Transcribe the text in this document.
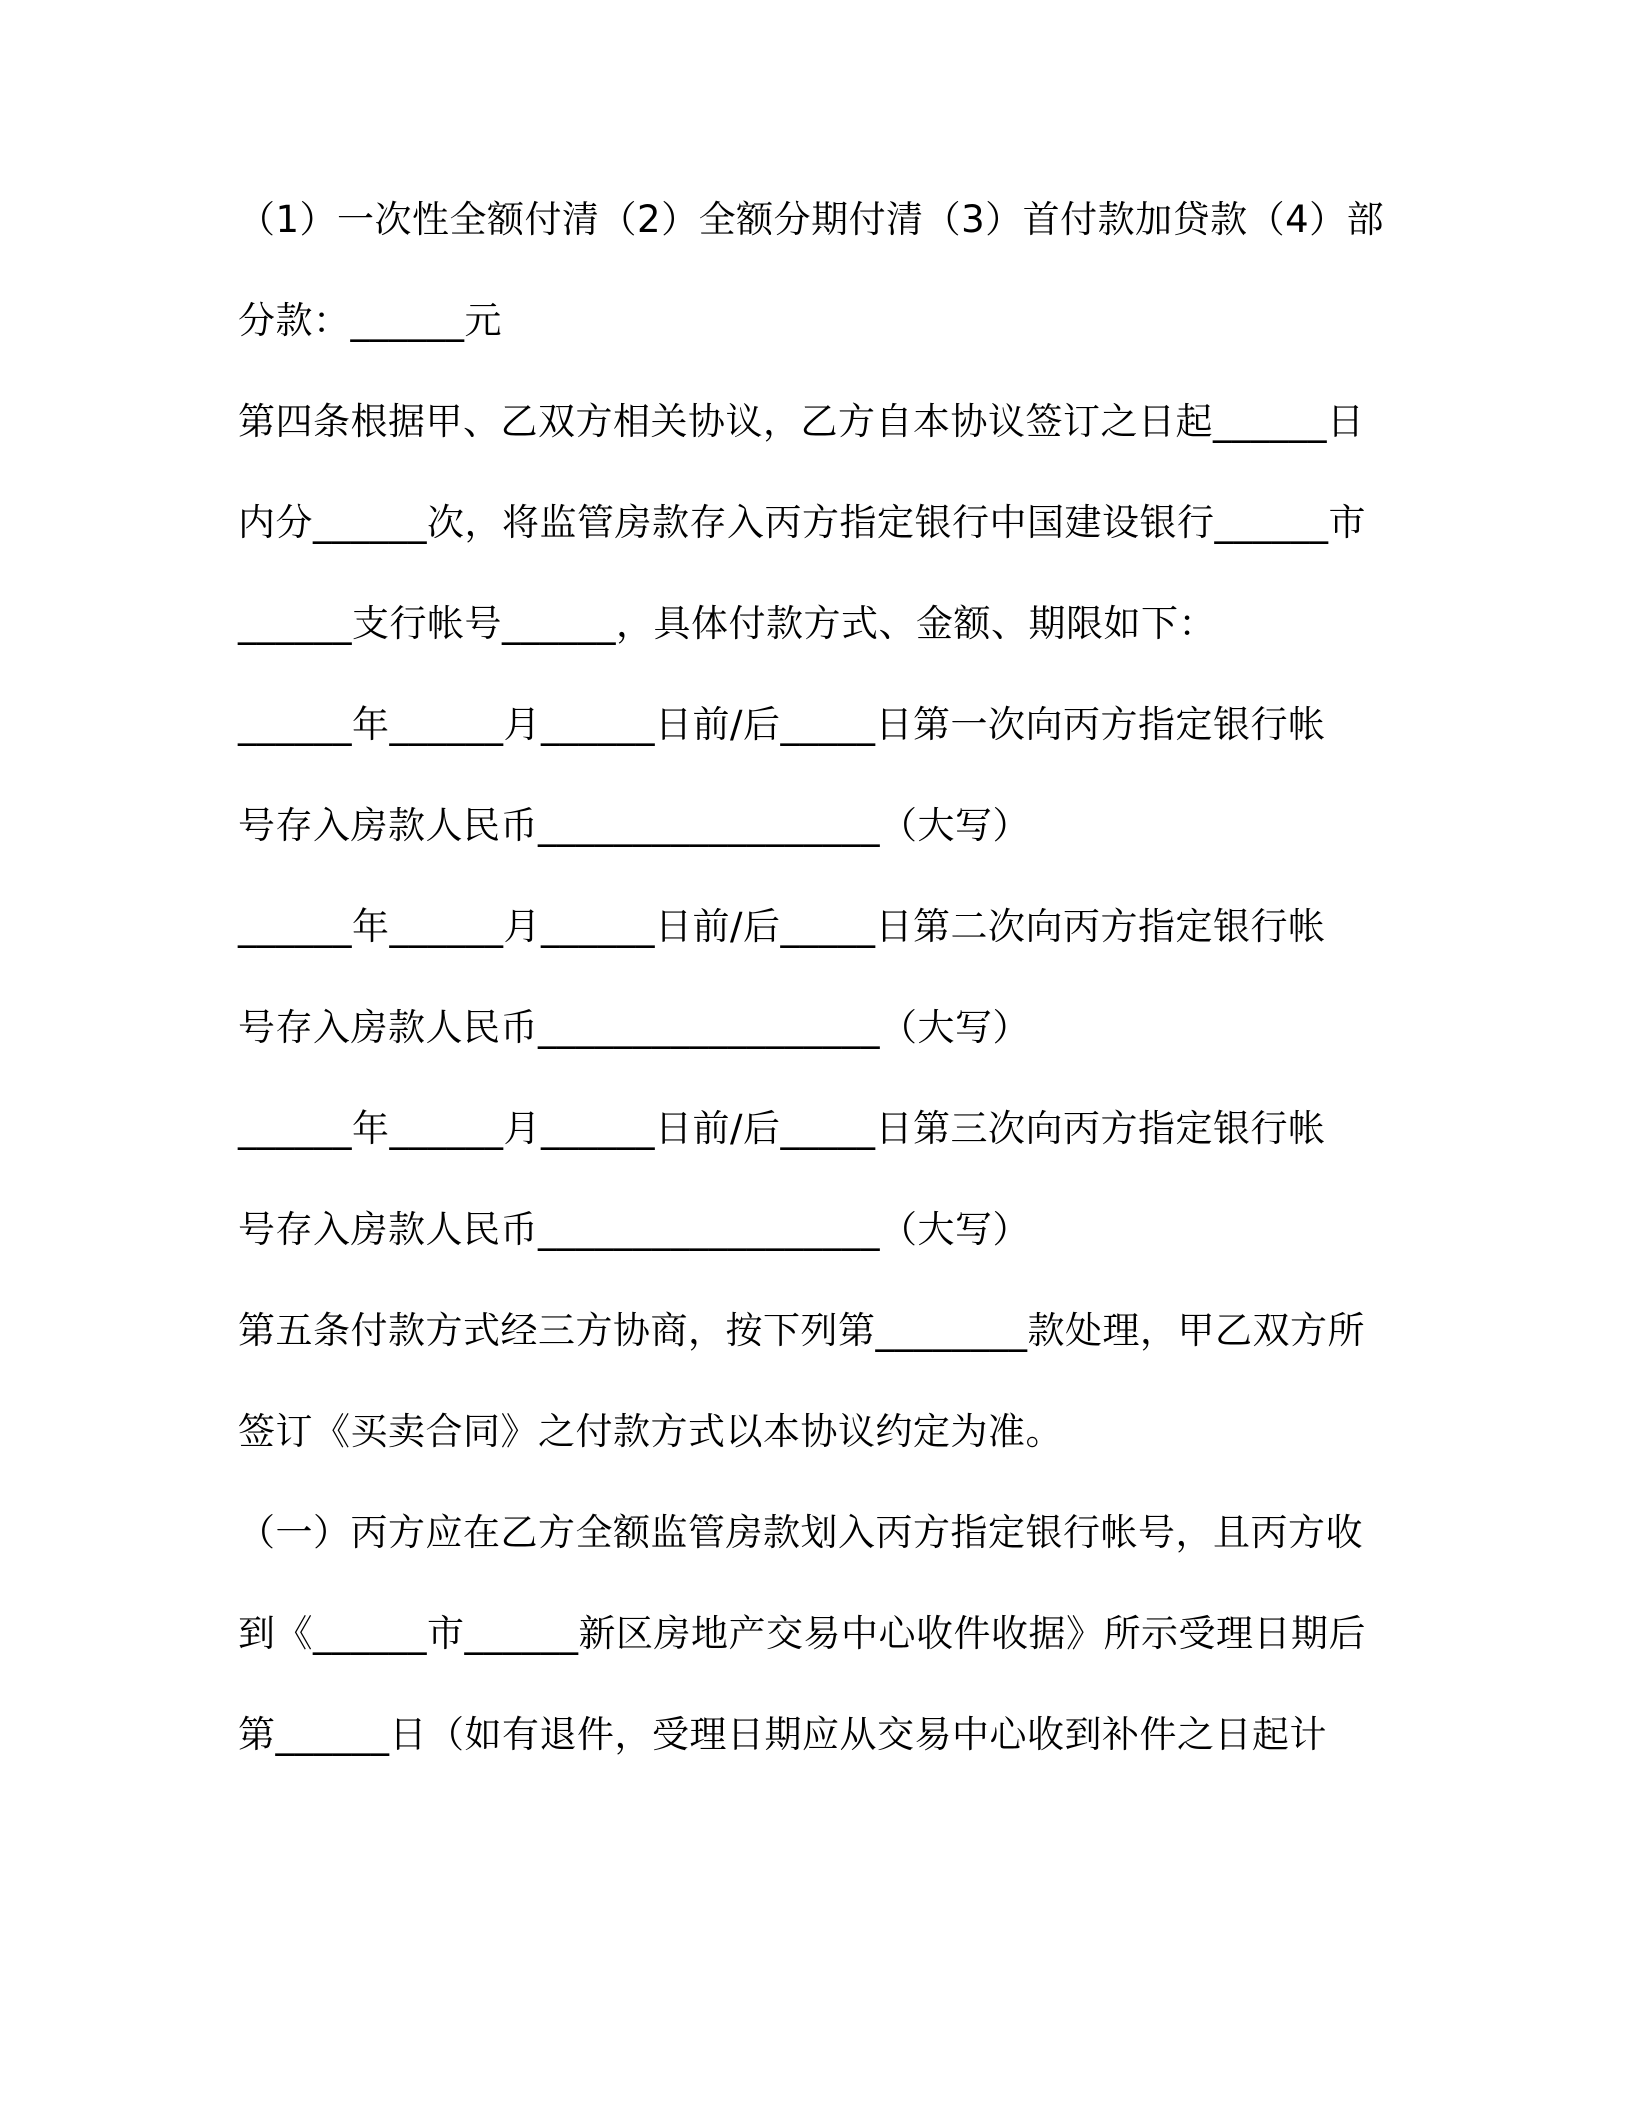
（1）一次性全额付清（2）全额分期付清（3）首付款加贷款（4）部
分款：______元
第四条根据甲、乙双方相关协议，乙方自本协议签订之日起______日
内分______次，将监管房款存入丙方指定银行中国建设银行______市
______支行帐号______，具体付款方式、金额、期限如下：
______年______月______日前/后_____日第一次向丙方指定银行帐
号存入房款人民币__________________（大写）
______年______月______日前/后_____日第二次向丙方指定银行帐
号存入房款人民币__________________（大写）
______年______月______日前/后_____日第三次向丙方指定银行帐
号存入房款人民币__________________（大写）
第五条付款方式经三方协商，按下列第________款处理，甲乙双方所
签订《买卖合同》之付款方式以本协议约定为准。
（一）丙方应在乙方全额监管房款划入丙方指定银行帐号，且丙方收
到《______市______新区房地产交易中心收件收据》所示受理日期后
第______日（如有退件，受理日期应从交易中心收到补件之日起计
